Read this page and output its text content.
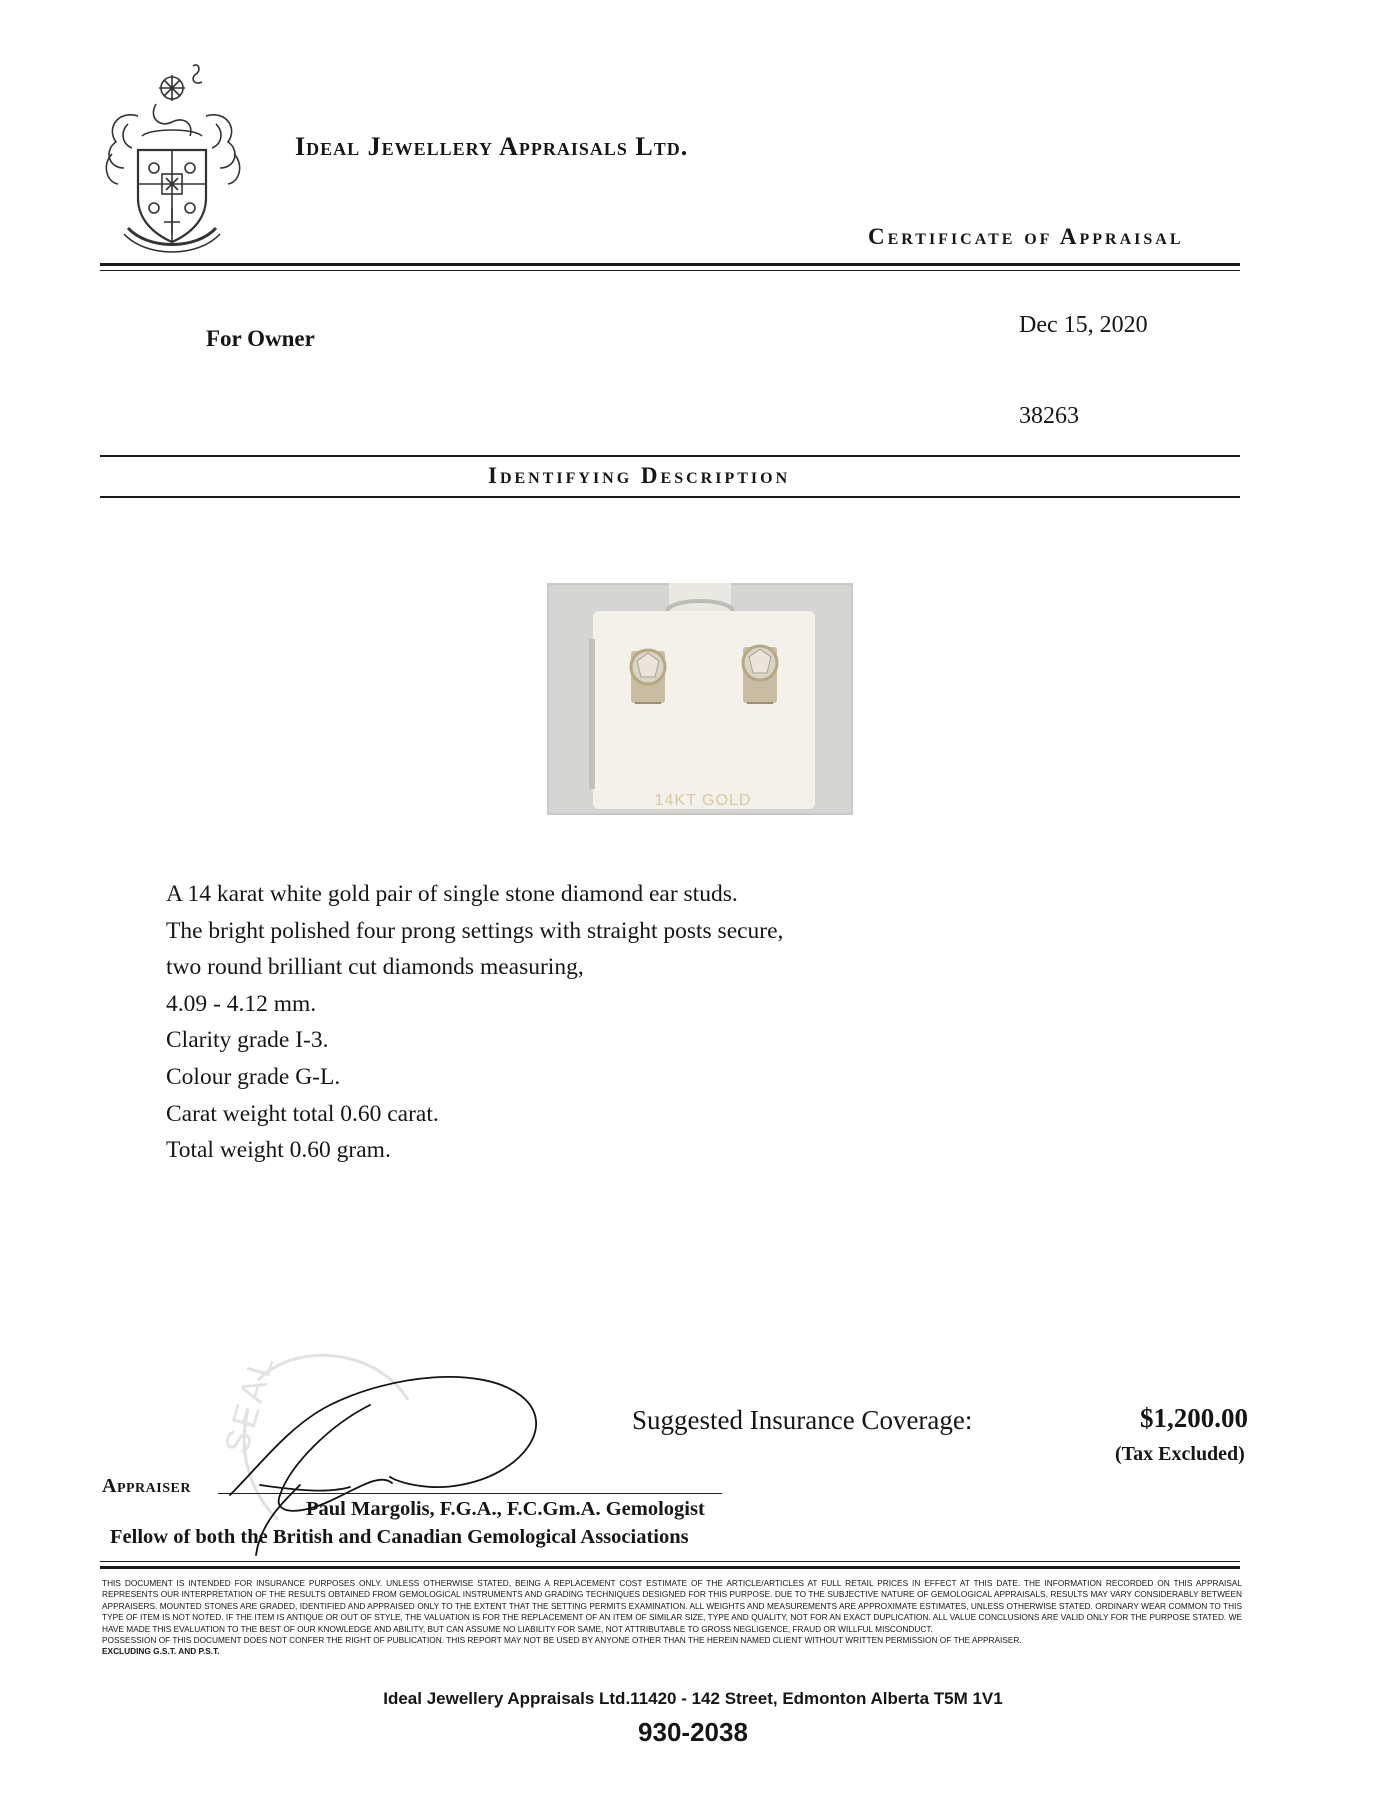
Ideal Jewellery Appraisals Ltd.
Certificate of Appraisal
For Owner
Dec 15, 2020
38263
Identifying Description
14KT GOLD
A 14 karat white gold pair of single stone diamond ear studs.
The bright polished four prong settings with straight posts secure,
two round brilliant cut diamonds measuring,
4.09 - 4.12 mm.
Clarity grade I-3.
Colour grade G-L.
Carat weight total 0.60 carat.
Total weight 0.60 gram.
SEAL	Suggested Insurance Coverage:	$1,200.00
(Tax Excluded)
Appraiser
Paul Margolis, F.G.A., F.C.Gm.A. Gemologist
Fellow of both the British and Canadian Gemological Associations

THIS DOCUMENT IS INTENDED FOR INSURANCE PURPOSES ONLY. UNLESS OTHERWISE STATED, BEING A REPLACEMENT COST ESTIMATE OF THE ARTICLE/ARTICLES AT FULL RETAIL PRICES IN EFFECT AT THIS DATE. THE INFORMATION RECORDED ON THIS APPRAISAL REPRESENTS OUR INTERPRETATION OF THE RESULTS OBTAINED FROM GEMOLOGICAL INSTRUMENTS AND GRADING TECHNIQUES DESIGNED FOR THIS PURPOSE. DUE TO THE SUBJECTIVE NATURE OF GEMOLOGICAL APPRAISALS, RESULTS MAY VARY CONSIDERABLY BETWEEN APPRAISERS. MOUNTED STONES ARE GRADED, IDENTIFIED AND APPRAISED ONLY TO THE EXTENT THAT THE SETTING PERMITS EXAMINATION. ALL WEIGHTS AND MEASUREMENTS ARE APPROXIMATE ESTIMATES, UNLESS OTHERWISE STATED. ORDINARY WEAR COMMON TO THIS TYPE OF ITEM IS NOT NOTED. IF THE ITEM IS ANTIQUE OR OUT OF STYLE, THE VALUATION IS FOR THE REPLACEMENT OF AN ITEM OF SIMILAR SIZE, TYPE AND QUALITY, NOT FOR AN EXACT DUPLICATION. ALL VALUE CONCLUSIONS ARE VALID ONLY FOR THE PURPOSE STATED. WE HAVE MADE THIS EVALUATION TO THE BEST OF OUR KNOWLEDGE AND ABILITY, BUT CAN ASSUME NO LIABILITY FOR SAME, NOT ATTRIBUTABLE TO GROSS NEGLIGENCE, FRAUD OR WILLFUL MISCONDUCT.

POSSESSION OF THIS DOCUMENT DOES NOT CONFER THE RIGHT OF PUBLICATION. THIS REPORT MAY NOT BE USED BY ANYONE OTHER THAN THE HEREIN NAMED CLIENT WITHOUT WRITTEN PERMISSION OF THE APPRAISER.

EXCLUDING G.S.T. AND P.S.T.

Ideal Jewellery Appraisals Ltd.11420 - 142 Street, Edmonton Alberta T5M 1V1
930-2038
